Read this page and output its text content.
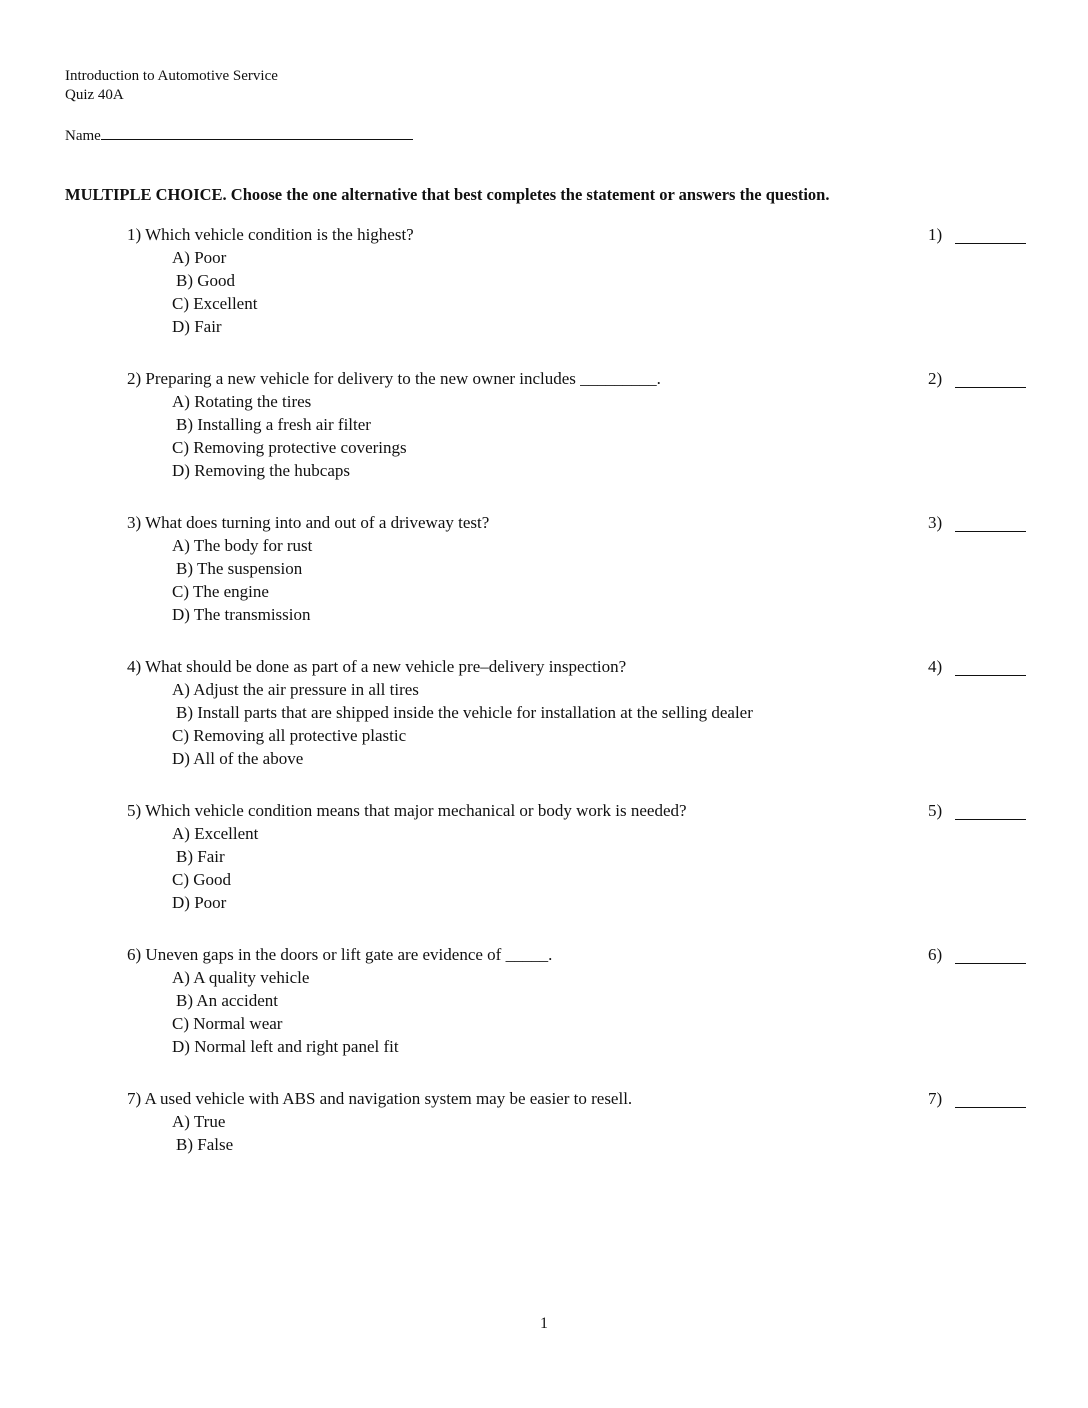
Introduction to Automotive Service
Quiz 40A
Name
MULTIPLE CHOICE. Choose the one alternative that best completes the statement or answers the question.
1) Which vehicle condition is the highest?
A) Poor
B) Good
C) Excellent
D) Fair
1)
2) Preparing a new vehicle for delivery to the new owner includes _________.
A) Rotating the tires
B) Installing a fresh air filter
C) Removing protective coverings
D) Removing the hubcaps
2)
3) What does turning into and out of a driveway test?
A) The body for rust
B) The suspension
C) The engine
D) The transmission
3)
4) What should be done as part of a new vehicle pre–delivery inspection?
A) Adjust the air pressure in all tires
B) Install parts that are shipped inside the vehicle for installation at the selling dealer
C) Removing all protective plastic
D) All of the above
4)
5) Which vehicle condition means that major mechanical or body work is needed?
A) Excellent
B) Fair
C) Good
D) Poor
5)
6) Uneven gaps in the doors or lift gate are evidence of _____.
A) A quality vehicle
B) An accident
C) Normal wear
D) Normal left and right panel fit
6)
7) A used vehicle with ABS and navigation system may be easier to resell.
A) True
B) False
7)
1
